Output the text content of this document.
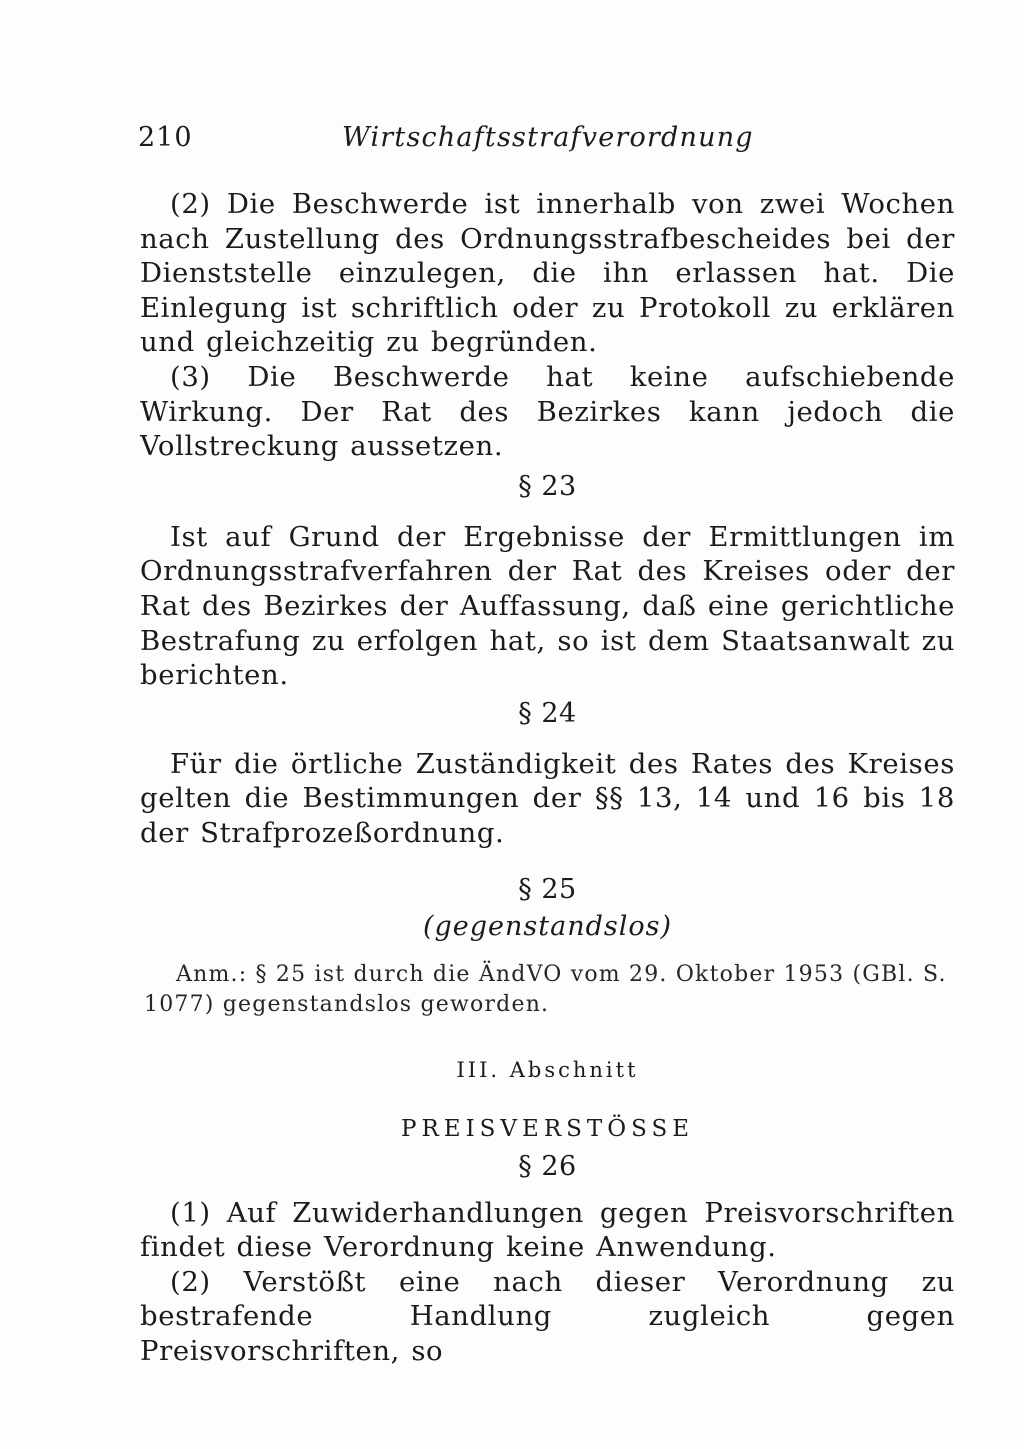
210	Wirtschaftsstrafverordnung

(2) Die Beschwerde ist innerhalb von zwei Wochen nach Zustellung des Ordnungsstrafbescheides bei der Dienststelle einzulegen, die ihn erlassen hat. Die Einlegung ist schriftlich oder zu Protokoll zu erklären und gleichzeitig zu begründen.

(3) Die Beschwerde hat keine aufschiebende Wirkung. Der Rat des Bezirkes kann jedoch die Vollstreckung aussetzen.

§ 23

Ist auf Grund der Ergebnisse der Ermittlungen im Ordnungsstrafverfahren der Rat des Kreises oder der Rat des Bezirkes der Auffassung, daß eine gerichtliche Bestrafung zu erfolgen hat, so ist dem Staatsanwalt zu berichten.

§ 24

Für die örtliche Zuständigkeit des Rates des Kreises gelten die Bestimmungen der §§ 13, 14 und 16 bis 18 der Strafprozeßordnung.

§ 25
(gegenstandslos)

Anm.: § 25 ist durch die ÄndVO vom 29. Oktober 1953 (GBl. S. 1077) gegenstandslos geworden.

III. Abschnitt
PREISVERSTÖSSE
§ 26

(1) Auf Zuwiderhandlungen gegen Preisvorschriften findet diese Verordnung keine Anwendung.

(2) Verstößt eine nach dieser Verordnung zu bestrafende Handlung zugleich gegen Preisvorschriften, so
